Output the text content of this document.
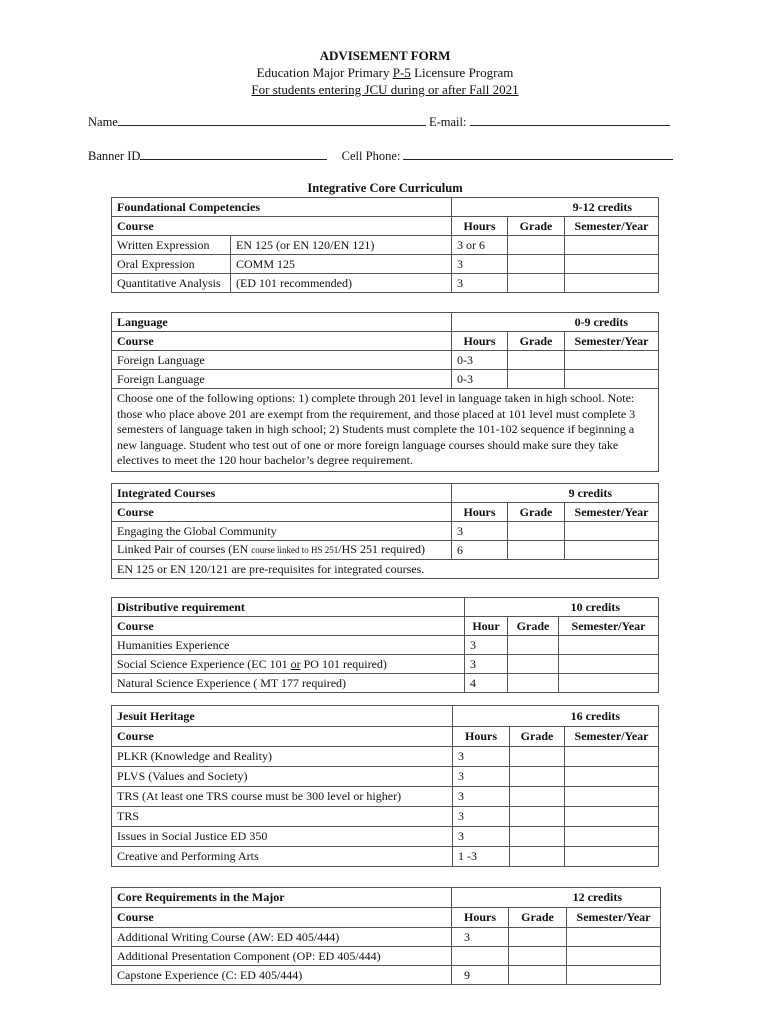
ADVISEMENT FORM
Education Major Primary P-5 Licensure Program
For students entering JCU during or after Fall 2021
Name	E-mail:
Banner ID	Cell Phone:
Integrative Core Curriculum
Foundational Competencies		9-12 credits		
Course		Hours	Grade	Semester/Year
Written Expression	EN 125 (or EN 120/EN 121)	3 or 6		
Oral Expression	COMM 125	3		
Quantitative Analysis	(ED 101 recommended)	3		
Language	0-9 credits		
Course	Hours	Grade	Semester/Year
Foreign Language	0-3		
Foreign Language	0-3		
Choose one of the following options: 1) complete through 201 level in language taken in high school. Note: those who place above 201 are exempt from the requirement, and those placed at 101 level must complete 3 semesters of language taken in high school; 2) Students must complete the 101-102 sequence if beginning a new language. Student who test out of one or more foreign language courses should make sure they take electives to meet the 120 hour bachelor’s degree requirement.			
Integrated Courses	9 credits		
Course	Hours	Grade	Semester/Year
Engaging the Global Community	3		
Linked Pair of courses (EN course linked to HS 251/HS 251 required)	6		
EN 125 or EN 120/121 are pre-requisites for integrated courses.			
Distributive requirement	10 credits		
Course	Hour	Grade	Semester/Year
Humanities Experience	3		
Social Science Experience (EC 101 or PO 101 required)	3		
Natural Science Experience ( MT 177 required)	4		
Jesuit Heritage	16 credits		
Course	Hours	Grade	Semester/Year
PLKR (Knowledge and Reality)	3		
PLVS (Values and Society)	3		
TRS (At least one TRS course must be 300 level or higher)	3		
TRS	3		
Issues in Social Justice ED 350	3		
Creative and Performing Arts	1 -3		
Core Requirements in the Major	12 credits		
Course	Hours	Grade	Semester/Year
Additional Writing Course (AW: ED 405/444)	3		
Additional Presentation Component (OP: ED 405/444)			
Capstone Experience (C: ED 405/444)	9		
